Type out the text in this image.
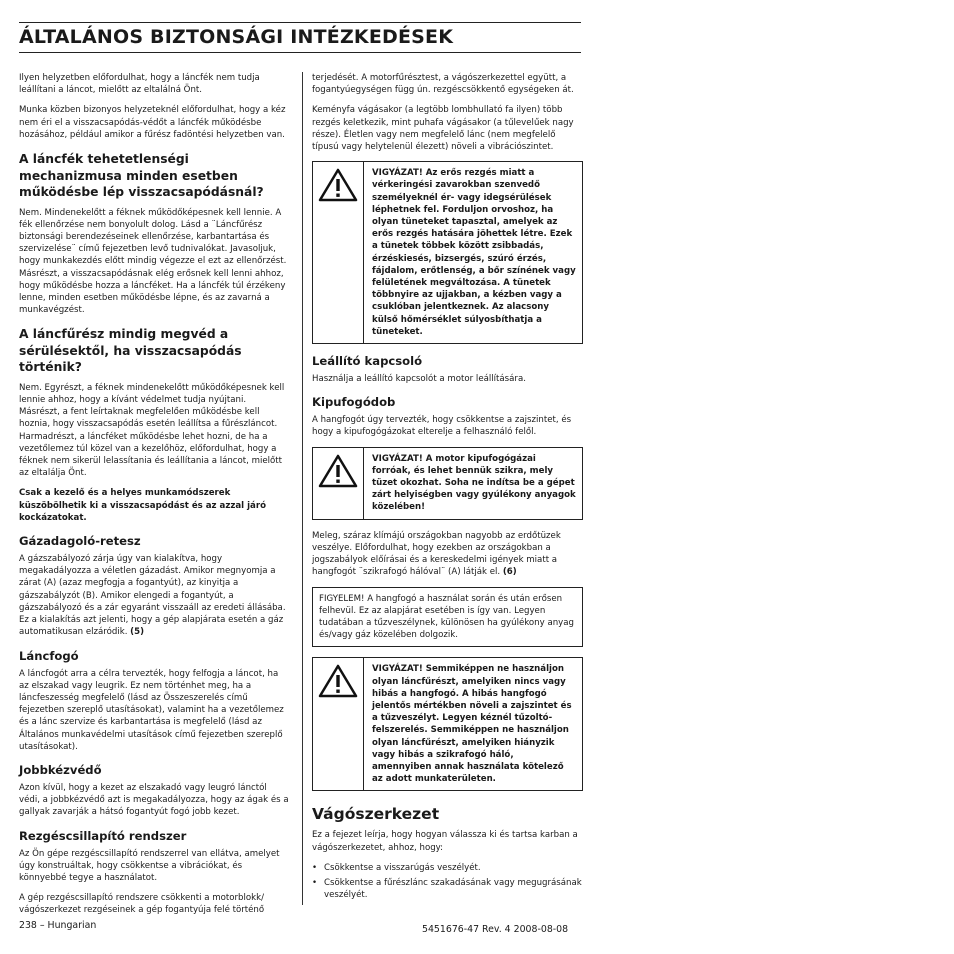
ÁLTALÁNOS BIZTONSÁGI INTÉZKEDÉSEK

Ilyen helyzetben előfordulhat, hogy a láncfék nem tudja leállítani a láncot, mielőtt az eltalálná Önt.

Munka közben bizonyos helyzeteknél előfordulhat, hogy a kéz nem éri el a visszacsapódás-védőt a láncfék működésbe hozásához, például amikor a fűrész fadöntési helyzetben van.

A láncfék tehetetlenségi mechanizmusa minden esetben működésbe lép visszacsapódásnál?

Nem. Mindenekelőtt a féknek működőképesnek kell lennie. A fék ellenőrzése nem bonyolult dolog. Lásd a ¨Láncfűrész biztonsági berendezéseinek ellenőrzése, karbantartása és szervizelése¨ című fejezetben levő tudnivalókat. Javasoljuk, hogy munkakezdés előtt mindig végezze el ezt az ellenőrzést. Másrészt, a visszacsapódásnak elég erősnek kell lenni ahhoz, hogy működésbe hozza a láncféket. Ha a láncfék túl érzékeny lenne, minden esetben működésbe lépne, és az zavarná a munkavégzést.

A láncfűrész mindig megvéd a sérülésektől, ha visszacsapódás történik?

Nem. Egyrészt, a féknek mindenekelőtt működőképesnek kell lennie ahhoz, hogy a kívánt védelmet tudja nyújtani. Másrészt, a fent leírtaknak megfelelően működésbe kell hoznia, hogy visszacsapódás esetén leállítsa a fűrészláncot. Harmadrészt, a láncféket működésbe lehet hozni, de ha a vezetőlemez túl közel van a kezelőhöz, előfordulhat, hogy a féknek nem sikerül lelassítania és leállítania a láncot, mielőtt az eltalálja Önt.

Csak a kezelő és a helyes munkamódszerek küszöbölhetik ki a visszacsapódást és az azzal járó kockázatokat.

Gázadagoló-retesz

A gázszabályozó zárja úgy van kialakítva, hogy megakadályozza a véletlen gázadást. Amikor megnyomja a zárat (A) (azaz megfogja a fogantyút), az kinyitja a gázszabályzót (B). Amikor elengedi a fogantyút, a gázszabályozó és a zár egyaránt visszaáll az eredeti állásába. Ez a kialakítás azt jelenti, hogy a gép alapjárata esetén a gáz automatikusan elzáródik. (5)

Láncfogó

A láncfogót arra a célra tervezték, hogy felfogja a láncot, ha az elszakad vagy leugrik. Ez nem történhet meg, ha a láncfeszesség megfelelő (lásd az Összeszerelés című fejezetben szereplő utasításokat), valamint ha a vezetőlemez és a lánc szervize és karbantartása is megfelelő (lásd az Általános munkavédelmi utasítások című fejezetben szereplő utasításokat).

Jobbkézvédő

Azon kívül, hogy a kezet az elszakadó vagy leugró lánctól védi, a jobbkézvédő azt is megakadályozza, hogy az ágak és a gallyak zavarják a hátsó fogantyút fogó jobb kezet.

Rezgéscsillapító rendszer

Az Ön gépe rezgéscsillapító rendszerrel van ellátva, amelyet úgy konstruáltak, hogy csökkentse a vibrációkat, és könnyebbé tegye a használatot.

A gép rezgéscsillapító rendszere csökkenti a motorblokk/ vágószerkezet rezgéseinek a gép fogantyúja felé történő

terjedését. A motorfűrésztest, a vágószerkezettel együtt, a fogantyúegységen függ ún. rezgéscsökkentő egységeken át.

Keményfa vágásakor (a legtöbb lombhullató fa ilyen) több rezgés keletkezik, mint puhafa vágásakor (a tűlevelűek nagy része). Életlen vagy nem megfelelő lánc (nem megfelelő típusú vagy helytelenül élezett) növeli a vibrációszintet.

VIGYÁZAT! Az erős rezgés miatt a vérkeringési zavarokban szenvedő személyeknél ér- vagy idegsérülések léphetnek fel. Forduljon orvoshoz, ha olyan tüneteket tapasztal, amelyek az erős rezgés hatására jöhettek létre. Ezek a tünetek többek között zsibbadás, érzéskiesés, bizsergés, szúró érzés, fájdalom, erőtlenség, a bőr színének vagy felületének megváltozása. A tünetek többnyire az ujjakban, a kézben vagy a csuklóban jelentkeznek. Az alacsony külső hőmérséklet súlyosbíthatja a tüneteket.
Leállító kapcsoló

Használja a leállító kapcsolót a motor leállítására.

Kipufogódob

A hangfogót úgy tervezték, hogy csökkentse a zajszintet, és hogy a kipufogógázokat elterelje a felhasználó felől.

VIGYÁZAT! A motor kipufogógázai forróak, és lehet bennük szikra, mely tüzet okozhat. Soha ne indítsa be a gépet zárt helyiségben vagy gyúlékony anyagok közelében!

Meleg, száraz klímájú országokban nagyobb az erdőtüzek veszélye. Előfordulhat, hogy ezekben az országokban a jogszabályok előírásai és a kereskedelmi igények miatt a hangfogót ¨szikrafogó hálóval¨ (A) látják el. (6)

FIGYELEM! A hangfogó a használat során és után erősen felhevül. Ez az alapjárat esetében is így van. Legyen tudatában a tűzveszélynek, különösen ha gyúlékony anyag és/vagy gáz közelében dolgozik.
VIGYÁZAT! Semmiképpen ne használjon olyan láncfűrészt, amelyiken nincs vagy hibás a hangfogó. A hibás hangfogó jelentős mértékben növeli a zajszintet és a tűzveszélyt. Legyen kéznél tűzoltó-felszerelés. Semmiképpen ne használjon olyan láncfűrészt, amelyiken hiányzik vagy hibás a szikrafogó háló, amennyiben annak használata kötelező az adott munkaterületen.
Vágószerkezet

Ez a fejezet leírja, hogy hogyan válassza ki és tartsa karban a vágószerkezetet, ahhoz, hogy:

• Csökkentse a visszarúgás veszélyét.
• Csökkentse a fűrészlánc szakadásának vagy megugrásának veszélyét.
238 – Hungarian	5451676-47 Rev. 4 2008-08-08
